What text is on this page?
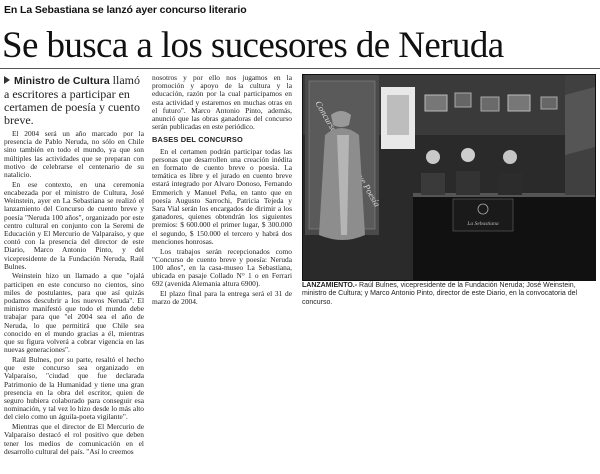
En La Sebastiana se lanzó ayer concurso literario
Se busca a los sucesores de Neruda
Ministro de Cultura llamó a escritores a participar en certamen de poesía y cuento breve.

El 2004 será un año marcado por la presencia de Pablo Neruda, no sólo en Chile sino también en todo el mundo, ya que son múltiples las actividades que se preparan con motivo de celebrarse el centenario de su natalicio.

En ese contexto, en una ceremonia encabezada por el ministro de Cultura, José Weinstein, ayer en La Sebastiana se realizó el lanzamiento del Concurso de cuento breve y poesía "Neruda 100 años", organizado por este centro cultural en conjunto con la Seremi de Educación y El Mercurio de Valparaíso, y que contó con la presencia del director de este Diario, Marco Antonio Pinto, y del vicepresidente de la Fundación Neruda, Raúl Bulnes.

Weinstein hizo un llamado a que "ojalá participen en este concurso no cientos, sino miles de postulantes, para que así quizás podamos descubrir a los nuevos Neruda". El ministro manifestó que todo el mundo debe trabajar para que "el 2004 sea el año de Neruda, lo que permitirá que Chile sea conocido en el mundo gracias a él, mientras que su figura volverá a cobrar vigencia en las nuevas generaciones".

Raúl Bulnes, por su parte, resaltó el hecho que este concurso sea organizado en Valparaíso, "ciudad que fue declarada Patrimonio de la Humanidad y tiene una gran presencia en la obra del escritor, quien de seguro hubiera colaborado para conseguir esa nominación, y tal vez lo hizo desde lo más alto del cielo como un águila-poeta vigilante".

Mientras que el director de El Mercurio de Valparaíso destacó el rol positivo que deben tener los medios de comunicación en el desarrollo cultural del país. "Así lo creemos

nosotros y por ello nos jugamos en la promoción y apoyo de la cultura y la educación, razón por la cual participamos en esta actividad y estaremos en muchas otras en el futuro". Marco Antonio Pinto, además, anunció que las obras ganadoras del concurso serán publicadas en este periódico.

BASES DEL CONCURSO

En el certamen podrán participar todas las personas que desarrollen una creación inédita en formato de cuento breve o poesía. La temática es libre y el jurado en cuento breve estará integrado por Alvaro Donoso, Fernando Emmerich y Manuel Peña, en tanto que en poesía Augusto Sarrochi, Patricia Tejeda y Sara Vial serán los encargados de dirimir a los ganadores, quienes obtendrán los siguientes premios: $ 600.000 el primer lugar, $ 300.000 el segundo, $ 150.000 el tercero y habrá dos menciones honrosas.

Los trabajos serán recepcionados como "Concurso de cuento breve y poesía: Neruda 100 años", en la casa-museo La Sebastiana, ubicada en pasaje Collado N° 1 o en Ferrari 692 (avenida Alemania altura 6900).

El plazo final para la entrega será el 31 de marzo de 2004.

Concurso Poesía
La Sebastiana
LANZAMIENTO.- Raúl Bulnes, vicepresidente de la Fundación Neruda; José Weinstein, ministro de Cultura; y Marco Antonio Pinto, director de este Diario, en la convocatoria del concurso.
